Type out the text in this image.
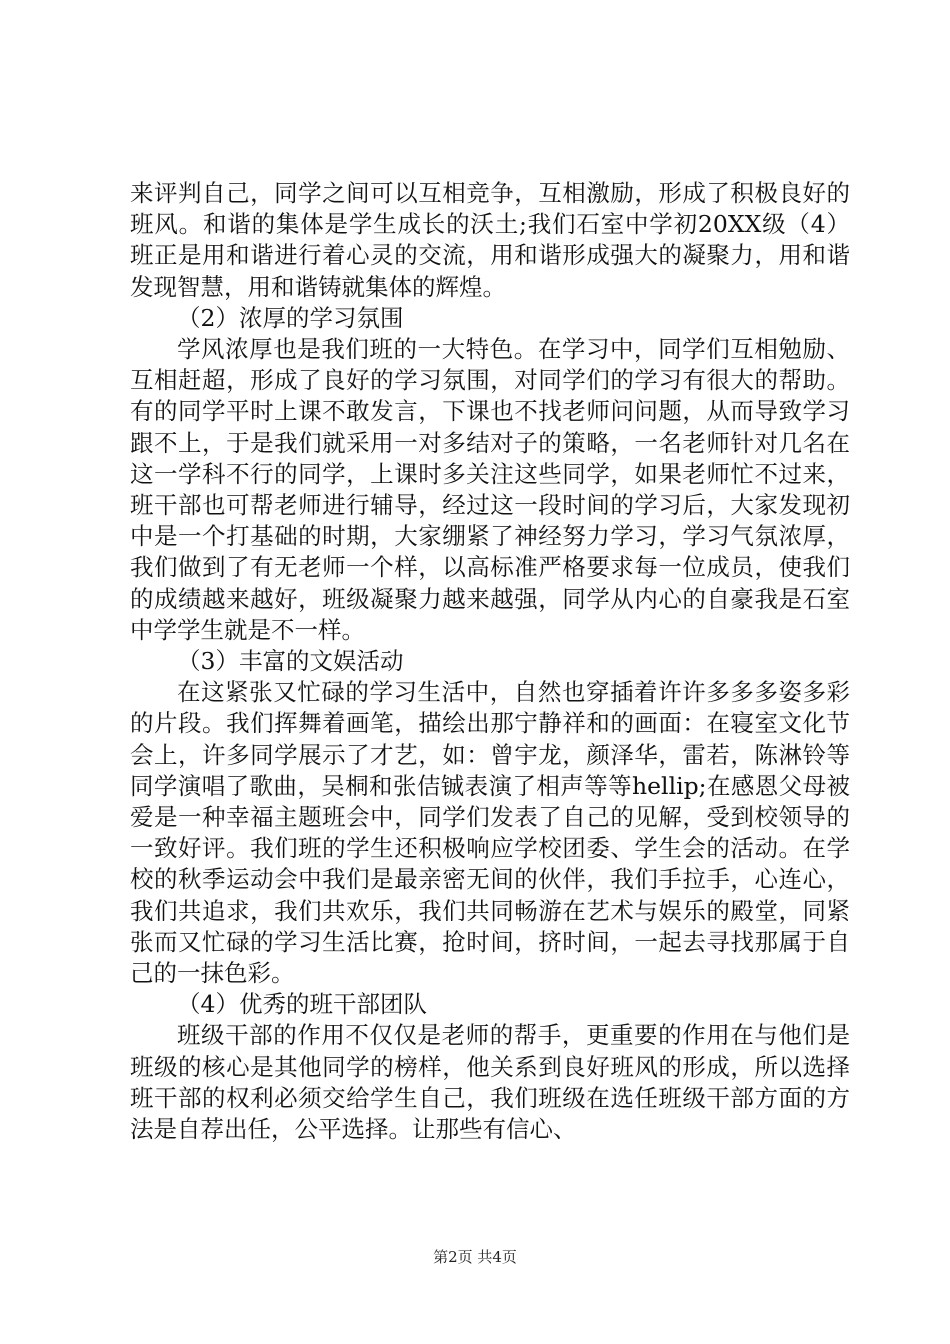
来评判自己，同学之间可以互相竞争，互相激励，形成了积极良好的班风。和谐的集体是学生成长的沃土;我们石室中学初20XX级（4）班正是用和谐进行着心灵的交流，用和谐形成强大的凝聚力，用和谐发现智慧，用和谐铸就集体的辉煌。

（2）浓厚的学习氛围

学风浓厚也是我们班的一大特色。在学习中，同学们互相勉励、互相赶超，形成了良好的学习氛围，对同学们的学习有很大的帮助。有的同学平时上课不敢发言，下课也不找老师问问题，从而导致学习跟不上，于是我们就采用一对多结对子的策略，一名老师针对几名在这一学科不行的同学，上课时多关注这些同学，如果老师忙不过来，班干部也可帮老师进行辅导，经过这一段时间的学习后，大家发现初中是一个打基础的时期，大家绷紧了神经努力学习，学习气氛浓厚，我们做到了有无老师一个样，以高标准严格要求每一位成员，使我们的成绩越来越好，班级凝聚力越来越强，同学从内心的自豪我是石室中学学生就是不一样。

（3）丰富的文娱活动

在这紧张又忙碌的学习生活中，自然也穿插着许许多多多姿多彩的片段。我们挥舞着画笔，描绘出那宁静祥和的画面：在寝室文化节会上，许多同学展示了才艺，如：曾宇龙，颜泽华，雷若，陈淋铃等同学演唱了歌曲，吴桐和张佶铖表演了相声等等hellip;在感恩父母被爱是一种幸福主题班会中，同学们发表了自己的见解，受到校领导的一致好评。我们班的学生还积极响应学校团委、学生会的活动。在学校的秋季运动会中我们是最亲密无间的伙伴，我们手拉手，心连心，我们共追求，我们共欢乐，我们共同畅游在艺术与娱乐的殿堂，同紧张而又忙碌的学习生活比赛，抢时间，挤时间，一起去寻找那属于自己的一抹色彩。

（4）优秀的班干部团队

班级干部的作用不仅仅是老师的帮手，更重要的作用在与他们是班级的核心是其他同学的榜样，他关系到良好班风的形成，所以选择班干部的权利必须交给学生自己，我们班级在选任班级干部方面的方法是自荐出任，公平选择。让那些有信心、

第2页 共4页
